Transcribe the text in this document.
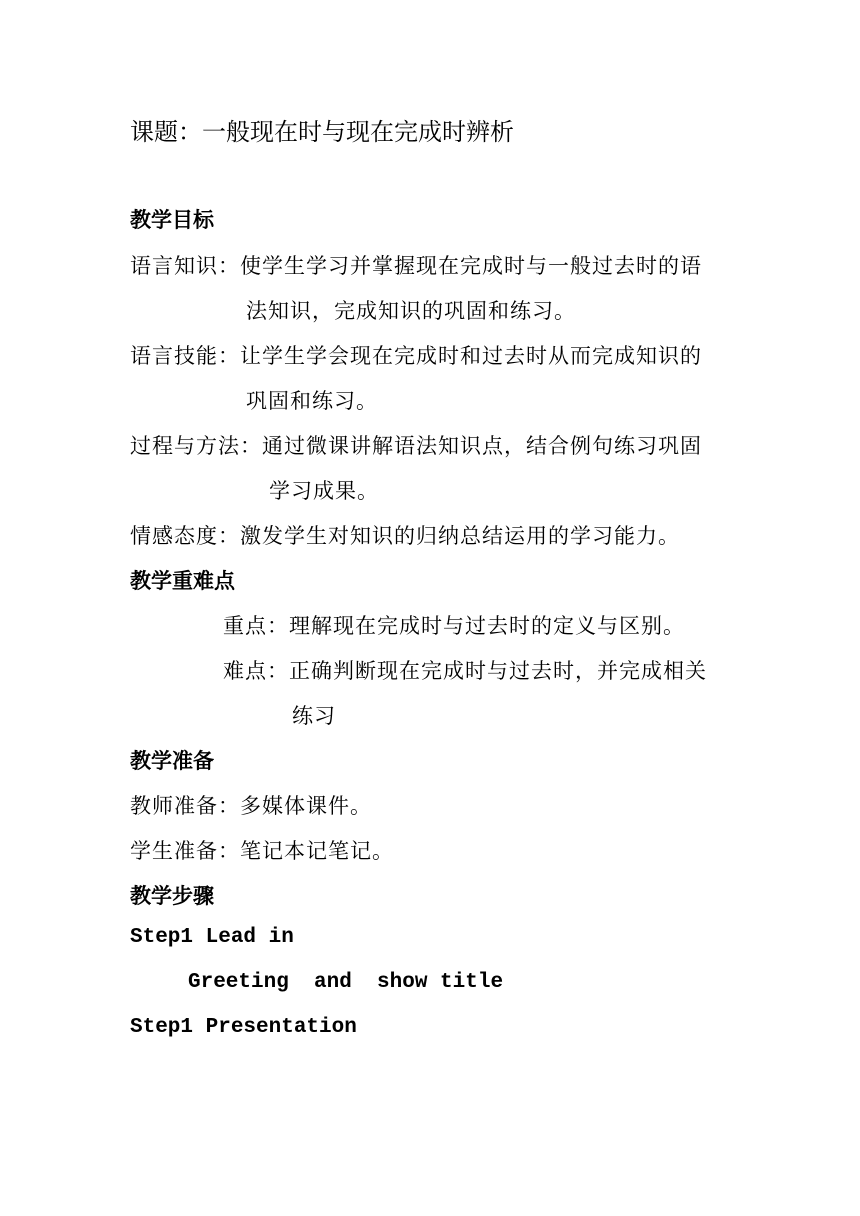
课题：一般现在时与现在完成时辨析

教学目标

语言知识：使学生学习并掌握现在完成时与一般过去时的语

法知识，完成知识的巩固和练习。

语言技能：让学生学会现在完成时和过去时从而完成知识的

巩固和练习。

过程与方法：通过微课讲解语法知识点，结合例句练习巩固

学习成果。

情感态度：激发学生对知识的归纳总结运用的学习能力。

教学重难点

重点：理解现在完成时与过去时的定义与区别。

难点：正确判断现在完成时与过去时，并完成相关

练习

教学准备

教师准备：多媒体课件。

学生准备：笔记本记笔记。

教学步骤

Step1 Lead in

Greeting  and  show title

Step1 Presentation
